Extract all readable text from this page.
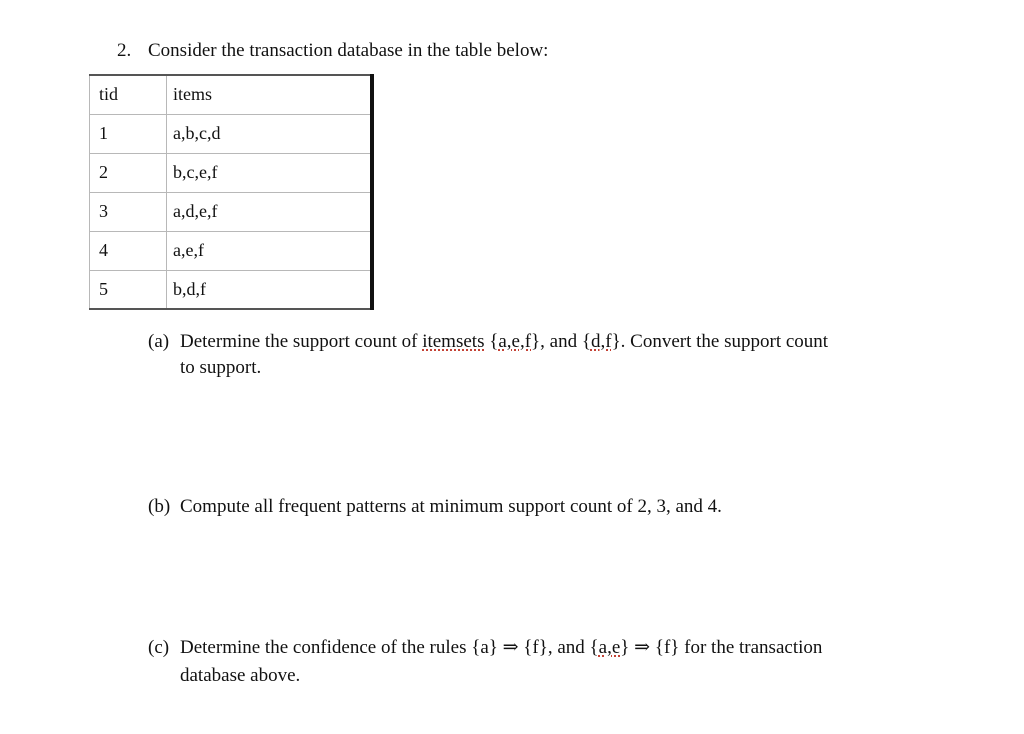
2. Consider the transaction database in the table below:
tid	items
1	a,b,c,d
2	b,c,e,f
3	a,d,e,f
4	a,e,f
5	b,d,f
(a) Determine the support count of itemsets {a,e,f}, and {d,f}. Convert the support count
to support.
(b) Compute all frequent patterns at minimum support count of 2, 3, and 4.
(c) Determine the confidence of the rules {a} ⇒ {f}, and {a,e} ⇒ {f} for the transaction
database above.
